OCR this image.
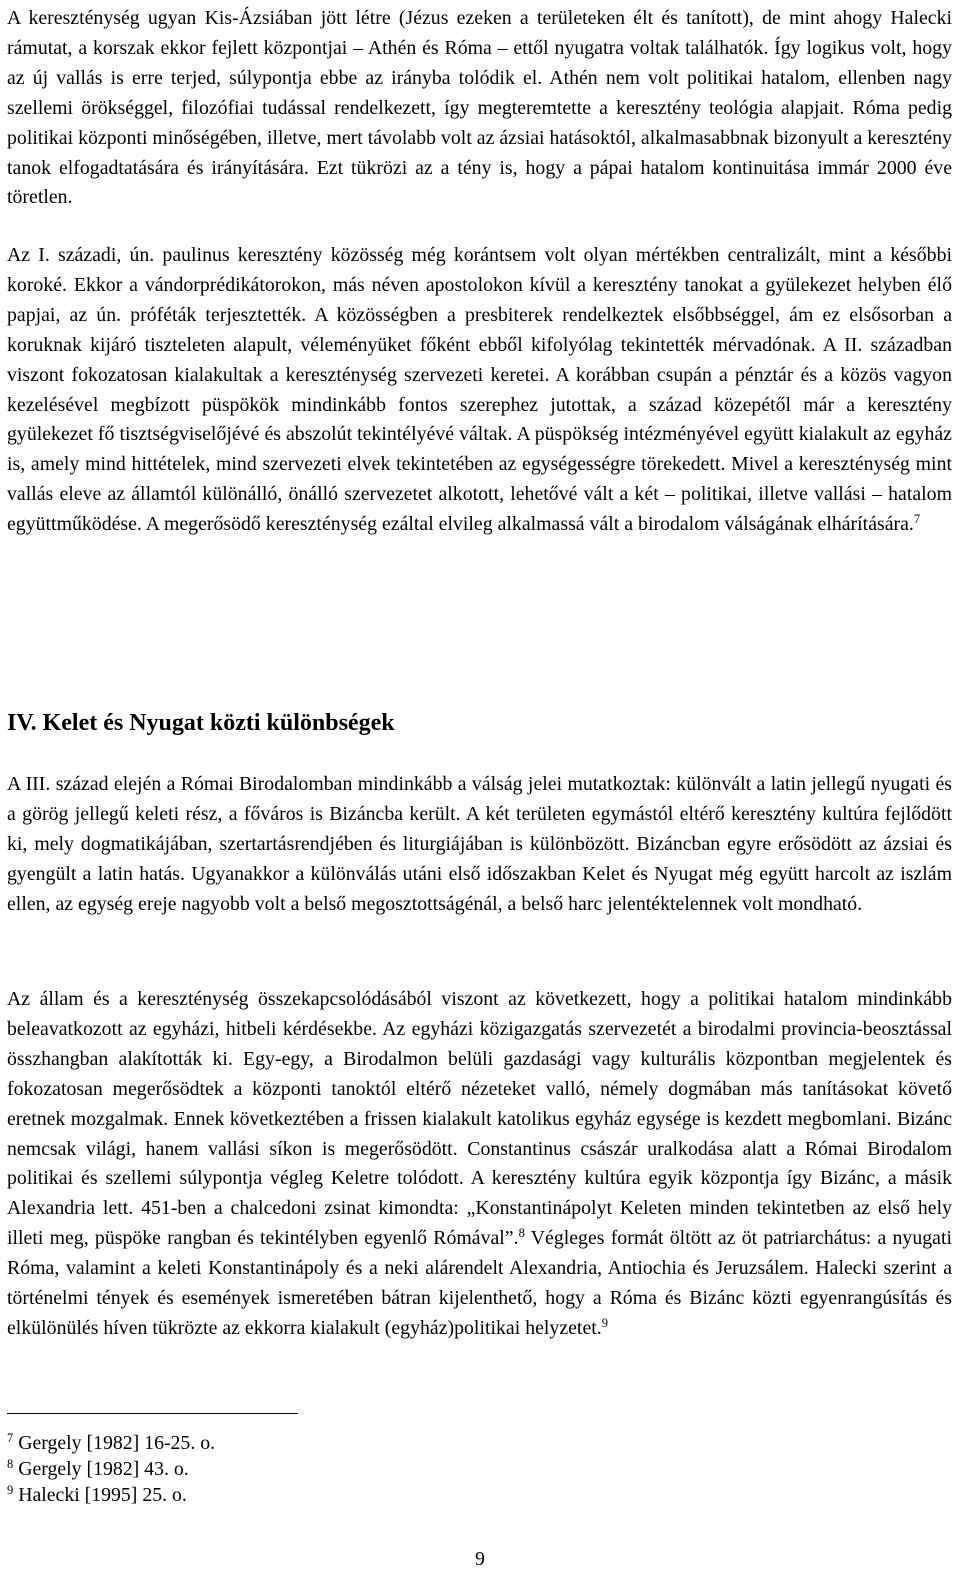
A kereszténység ugyan Kis-Ázsiában jött létre (Jézus ezeken a területeken élt és tanított), de mint ahogy Halecki rámutat, a korszak ekkor fejlett központjai – Athén és Róma – ettől nyugatra voltak találhatók. Így logikus volt, hogy az új vallás is erre terjed, súlypontja ebbe az irányba tolódik el. Athén nem volt politikai hatalom, ellenben nagy szellemi örökséggel, filozófiai tudással rendelkezett, így megteremtette a keresztény teológia alapjait. Róma pedig politikai központi minőségében, illetve, mert távolabb volt az ázsiai hatásoktól, alkalmasabbnak bizonyult a keresztény tanok elfogadtatására és irányítására. Ezt tükrözi az a tény is, hogy a pápai hatalom kontinuitása immár 2000 éve töretlen.

Az I. századi, ún. paulinus keresztény közösség még korántsem volt olyan mértékben centralizált, mint a későbbi koroké. Ekkor a vándorprédikátorokon, más néven apostolokon kívül a keresztény tanokat a gyülekezet helyben élő papjai, az ún. próféták terjesztették. A közösségben a presbiterek rendelkeztek elsőbbséggel, ám ez elsősorban a koruknak kijáró tiszteleten alapult, véleményüket főként ebből kifolyólag tekintették mérvadónak. A II. században viszont fokozatosan kialakultak a kereszténység szervezeti keretei. A korábban csupán a pénztár és a közös vagyon kezelésével megbízott püspökök mindinkább fontos szerephez jutottak, a század közepétől már a keresztény gyülekezet fő tisztségviselőjévé és abszolút tekintélyévé váltak. A püspökség intézményével együtt kialakult az egyház is, amely mind hittételek, mind szervezeti elvek tekintetében az egységességre törekedett. Mivel a kereszténység mint vallás eleve az államtól különálló, önálló szervezetet alkotott, lehetővé vált a két – politikai, illetve vallási – hatalom együttműködése. A megerősödő kereszténység ezáltal elvileg alkalmassá vált a birodalom válságának elhárítására.$^7$

IV. Kelet és Nyugat közti különbségek

A III. század elején a Római Birodalomban mindinkább a válság jelei mutatkoztak: különvált a latin jellegű nyugati és a görög jellegű keleti rész, a főváros is Bizáncba került. A két területen egymástól eltérő keresztény kultúra fejlődött ki, mely dogmatikájában, szertartásrendjében és liturgiájában is különbözött. Bizáncban egyre erősödött az ázsiai és gyengült a latin hatás. Ugyanakkor a különválás utáni első időszakban Kelet és Nyugat még együtt harcolt az iszlám ellen, az egység ereje nagyobb volt a belső megosztottságénál, a belső harc jelentéktelennek volt mondható.

Az állam és a kereszténység összekapcsolódásából viszont az következett, hogy a politikai hatalom mindinkább beleavatkozott az egyházi, hitbeli kérdésekbe. Az egyházi közigazgatás szervezetét a birodalmi provincia-beosztással összhangban alakították ki. Egy-egy, a Birodalmon belüli gazdasági vagy kulturális központban megjelentek és fokozatosan megerősödtek a központi tanoktól eltérő nézeteket valló, némely dogmában más tanításokat követő eretnek mozgalmak. Ennek következtében a frissen kialakult katolikus egyház egysége is kezdett megbomlani. Bizánc nemcsak világi, hanem vallási síkon is megerősödött. Constantinus császár uralkodása alatt a Római Birodalom politikai és szellemi súlypontja végleg Keletre tolódott. A keresztény kultúra egyik központja így Bizánc, a másik Alexandria lett. 451-ben a chalcedoni zsinat kimondta: „Konstantinápolyt Keleten minden tekintetben az első hely illeti meg, püspöke rangban és tekintélyben egyenlő Rómával”.$^8$ Végleges formát öltött az öt patriarchátus: a nyugati Róma, valamint a keleti Konstantinápoly és a neki alárendelt Alexandria, Antiochia és Jeruzsálem. Halecki szerint a történelmi tények és események ismeretében bátran kijelenthető, hogy a Róma és Bizánc közti egyenrangúsítás és elkülönülés híven tükrözte az ekkorra kialakult (egyház)politikai helyzetet.$^9$

$^7$ Gergely [1982] 16-25. o.

$^8$ Gergely [1982] 43. o.

$^9$ Halecki [1995] 25. o.

9
